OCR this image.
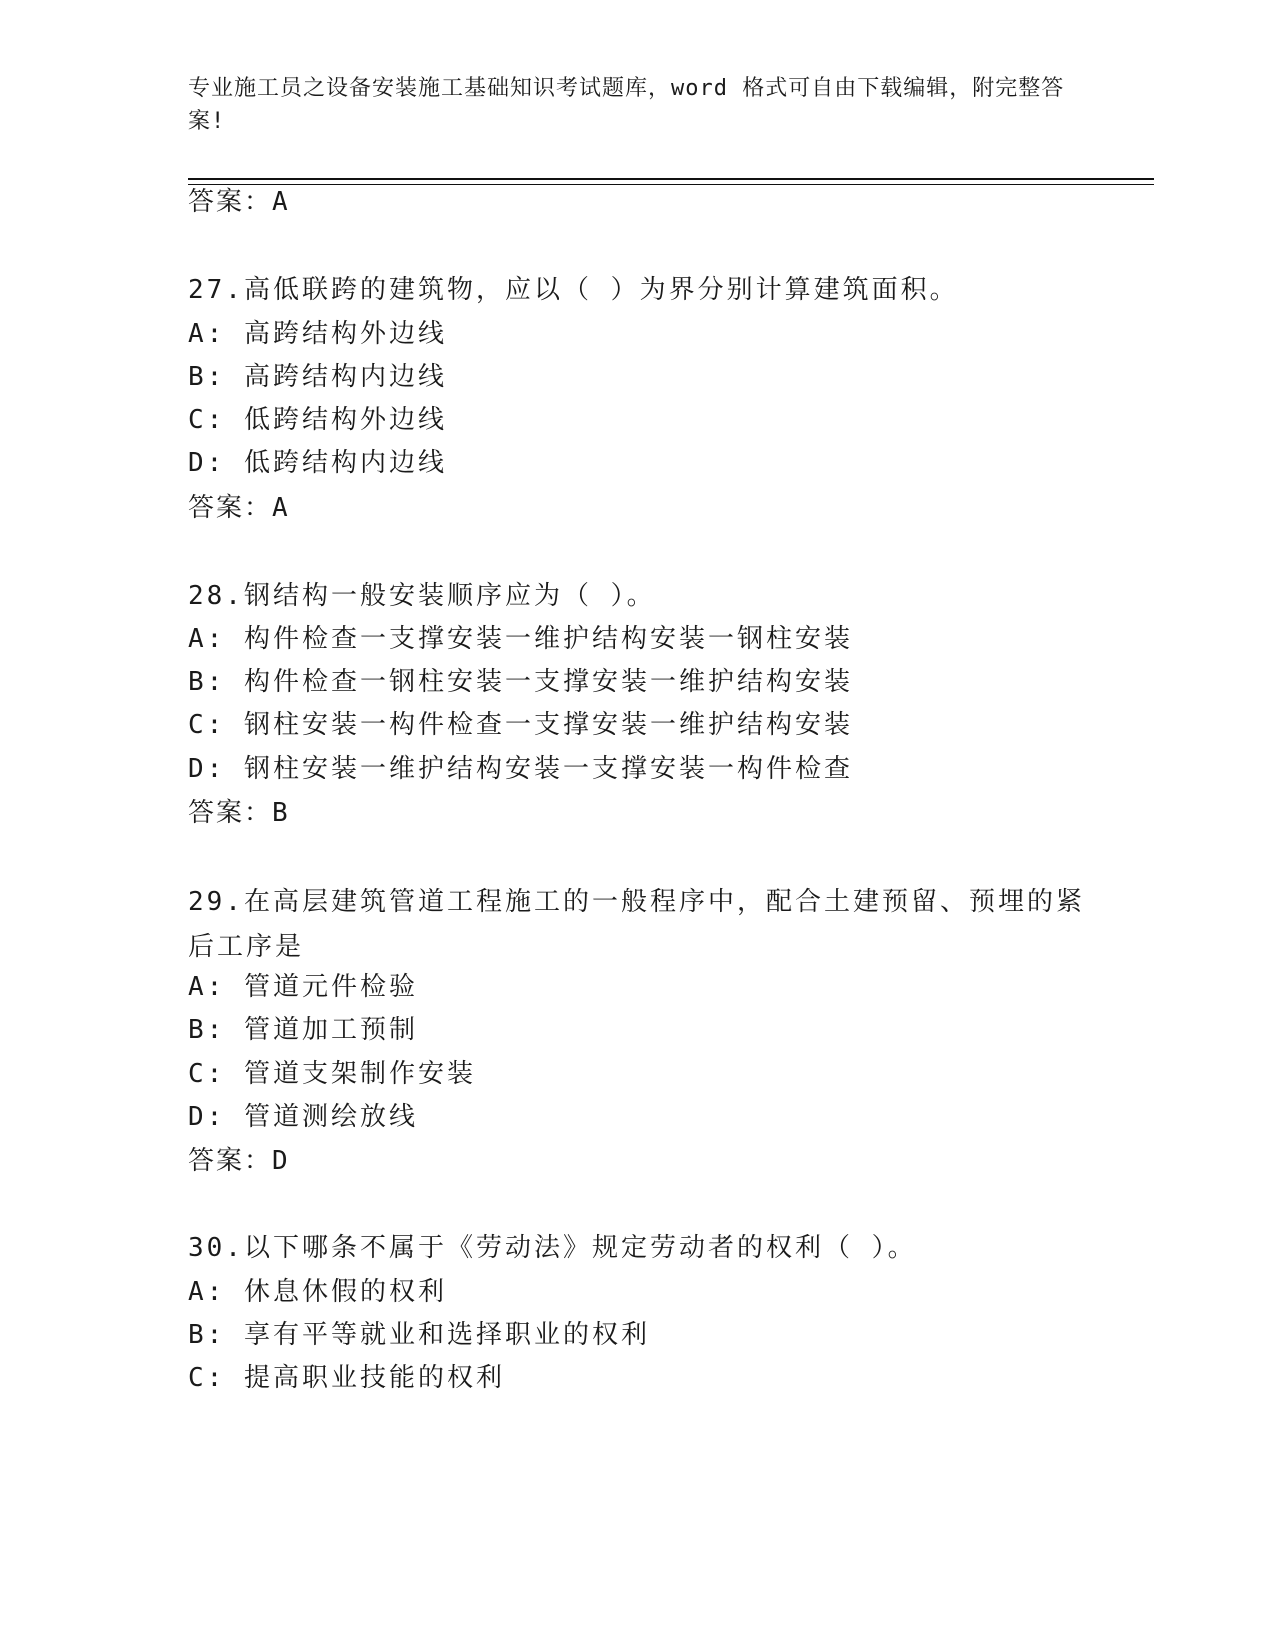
专业施工员之设备安装施工基础知识考试题库，word 格式可自由下载编辑，附完整答案!
答案：A
27.高低联跨的建筑物，应以（ ）为界分别计算建筑面积。
A: 高跨结构外边线
B: 高跨结构内边线
C: 低跨结构外边线
D: 低跨结构内边线
答案：A
28.钢结构一般安装顺序应为（ ）。
A: 构件检查一支撑安装一维护结构安装一钢柱安装
B: 构件检查一钢柱安装一支撑安装一维护结构安装
C: 钢柱安装一构件检查一支撑安装一维护结构安装
D: 钢柱安装一维护结构安装一支撑安装一构件检查
答案：B
29.在高层建筑管道工程施工的一般程序中，配合土建预留、预埋的紧后工序是
A: 管道元件检验
B: 管道加工预制
C: 管道支架制作安装
D: 管道测绘放线
答案：D
30.以下哪条不属于《劳动法》规定劳动者的权利（ ）。
A: 休息休假的权利
B: 享有平等就业和选择职业的权利
C: 提高职业技能的权利
